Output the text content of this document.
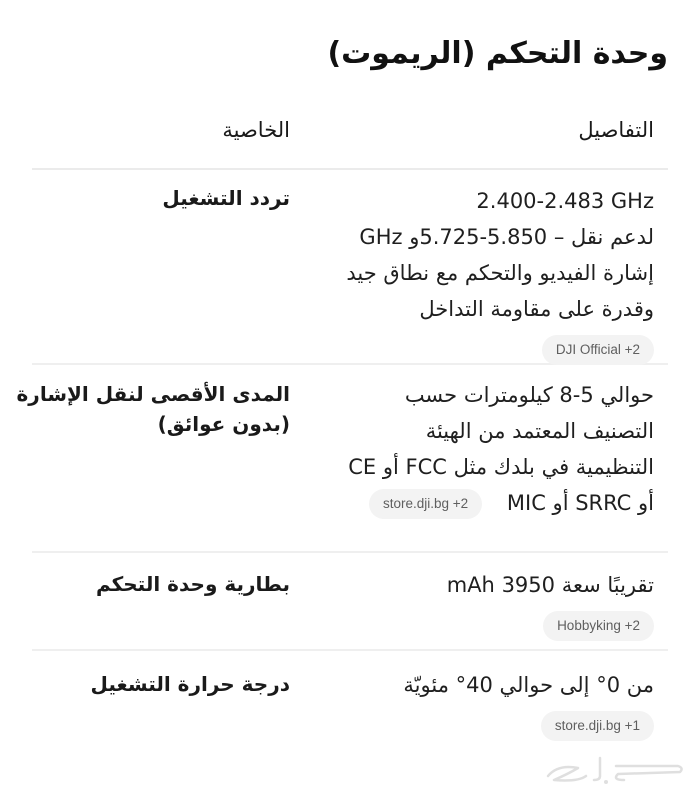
وحدة التحكم (الريموت)
التفاصيل
الخاصية
2.400-2.483 GHz
لدعم نقل – 5.850-5.725و GHz
إشارة الفيديو والتحكم مع نطاق جيد
وقدرة على مقاومة التداخل
DJI Official +2
تردد التشغيل
حوالي 5-8 كيلومترات حسب
التصنيف المعتمد من الهيئة
التنظيمية في بلدك مثل FCC أو CE
أو SRRC أو MIC store.dji.bg +2
المدى الأقصى لنقل الإشارة
(بدون عوائق)
تقريبًا سعة 3950 mAh
Hobbyking +2
بطارية وحدة التحكم
من 0° إلى حوالي 40° مئويّة
store.dji.bg +1
درجة حرارة التشغيل
